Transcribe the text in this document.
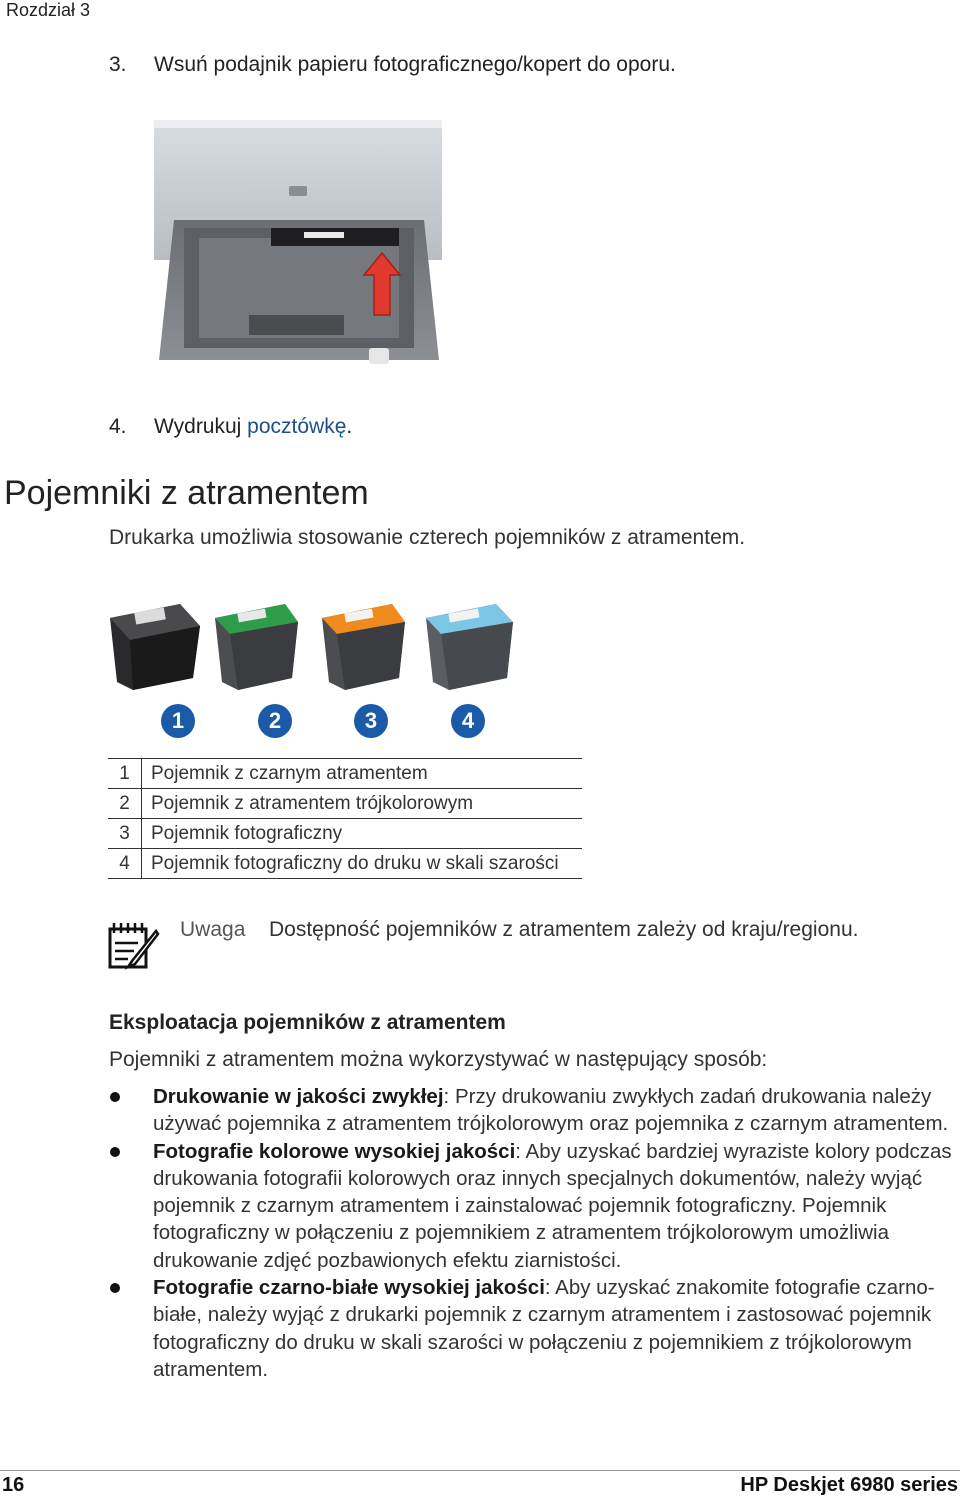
Rozdział 3
3. Wsuń podajnik papieru fotograficznego/kopert do oporu.
4. Wydrukuj pocztówkę.
Pojemniki z atramentem
Drukarka umożliwia stosowanie czterech pojemników z atramentem.
1	2	3	4
1	Pojemnik z czarnym atramentem
2	Pojemnik z atramentem trójkolorowym
3	Pojemnik fotograficzny
4	Pojemnik fotograficzny do druku w skali szarości
Uwaga Dostępność pojemników z atramentem zależy od kraju/regionu.
Eksploatacja pojemników z atramentem
Pojemniki z atramentem można wykorzystywać w następujący sposób:
Drukowanie w jakości zwykłej: Przy drukowaniu zwykłych zadań drukowania należy używać pojemnika z atramentem trójkolorowym oraz pojemnika z czarnym atramentem.
Fotografie kolorowe wysokiej jakości: Aby uzyskać bardziej wyraziste kolory podczas drukowania fotografii kolorowych oraz innych specjalnych dokumentów, należy wyjąć pojemnik z czarnym atramentem i zainstalować pojemnik fotograficzny. Pojemnik fotograficzny w połączeniu z pojemnikiem z atramentem trójkolorowym umożliwia drukowanie zdjęć pozbawionych efektu ziarnistości.
Fotografie czarno-białe wysokiej jakości: Aby uzyskać znakomite fotografie czarno-białe, należy wyjąć z drukarki pojemnik z czarnym atramentem i zastosować pojemnik fotograficzny do druku w skali szarości w połączeniu z pojemnikiem z trójkolorowym atramentem.
16	HP Deskjet 6980 series
